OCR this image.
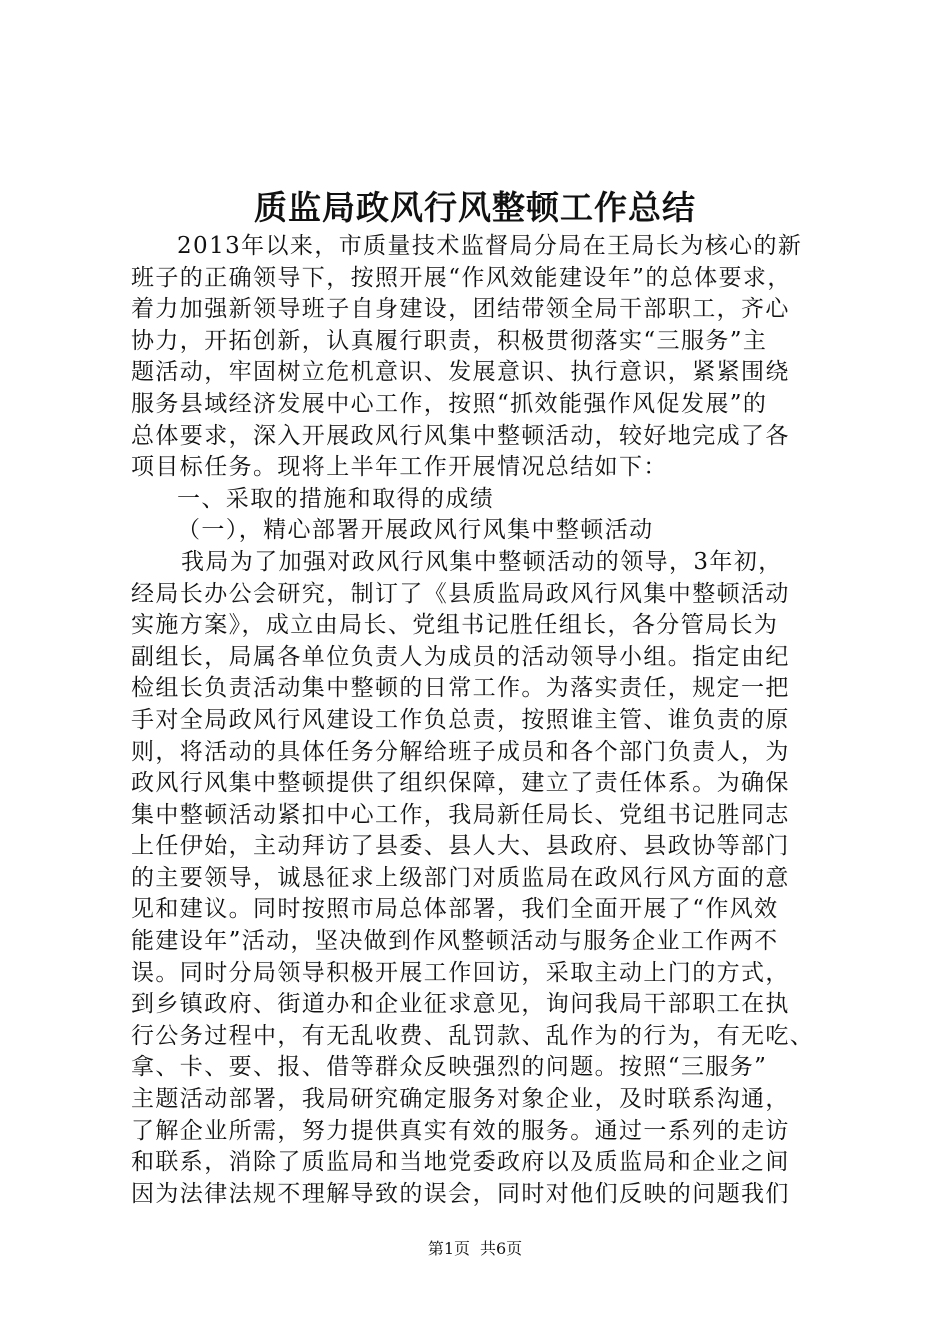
质监局政风行风整顿工作总结
2013年以来，市质量技术监督局分局在王局长为核心的新
班子的正确领导下，按照开展“作风效能建设年”的总体要求，
着力加强新领导班子自身建设，团结带领全局干部职工，齐心
协力，开拓创新，认真履行职责，积极贯彻落实“三服务”主
题活动，牢固树立危机意识、发展意识、执行意识，紧紧围绕
服务县域经济发展中心工作，按照“抓效能强作风促发展”的
总体要求，深入开展政风行风集中整顿活动，较好地完成了各
项目标任务。现将上半年工作开展情况总结如下：
一、采取的措施和取得的成绩
（一），精心部署开展政风行风集中整顿活动
我局为了加强对政风行风集中整顿活动的领导，3年初，
经局长办公会研究，制订了《县质监局政风行风集中整顿活动
实施方案》，成立由局长、党组书记胜任组长，各分管局长为
副组长，局属各单位负责人为成员的活动领导小组。指定由纪
检组长负责活动集中整顿的日常工作。为落实责任，规定一把
手对全局政风行风建设工作负总责，按照谁主管、谁负责的原
则，将活动的具体任务分解给班子成员和各个部门负责人，为
政风行风集中整顿提供了组织保障，建立了责任体系。为确保
集中整顿活动紧扣中心工作，我局新任局长、党组书记胜同志
上任伊始，主动拜访了县委、县人大、县政府、县政协等部门
的主要领导，诚恳征求上级部门对质监局在政风行风方面的意
见和建议。同时按照市局总体部署，我们全面开展了“作风效
能建设年”活动，坚决做到作风整顿活动与服务企业工作两不
误。同时分局领导积极开展工作回访，采取主动上门的方式，
到乡镇政府、街道办和企业征求意见，询问我局干部职工在执
行公务过程中，有无乱收费、乱罚款、乱作为的行为，有无吃、
拿、卡、要、报、借等群众反映强烈的问题。按照“三服务”
主题活动部署，我局研究确定服务对象企业，及时联系沟通，
了解企业所需，努力提供真实有效的服务。通过一系列的走访
和联系，消除了质监局和当地党委政府以及质监局和企业之间
因为法律法规不理解导致的误会，同时对他们反映的问题我们
第1页 共6页
